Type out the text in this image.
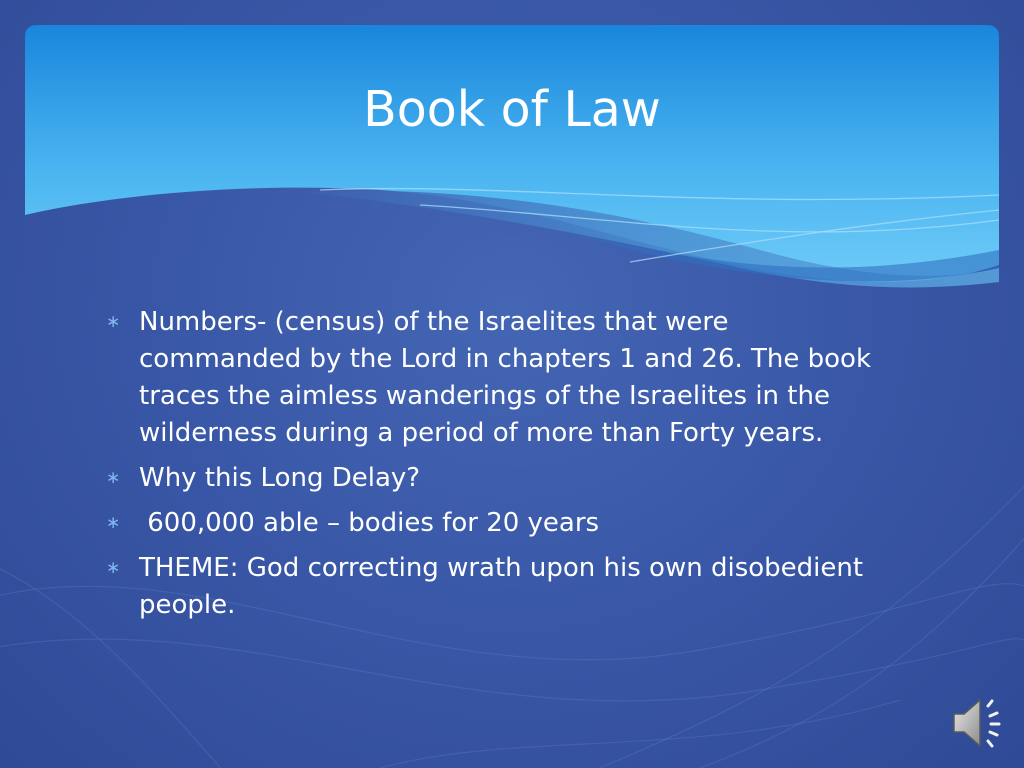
Book of Law
∗ Numbers- (census) of the Israelites that were commanded by the Lord in chapters 1 and 26. The book traces the aimless wanderings of the Israelites in the wilderness during a period of more than Forty years.
∗ Why this Long Delay?
∗ 600,000 able – bodies for 20 years
∗ THEME: God correcting wrath upon his own disobedient people.
